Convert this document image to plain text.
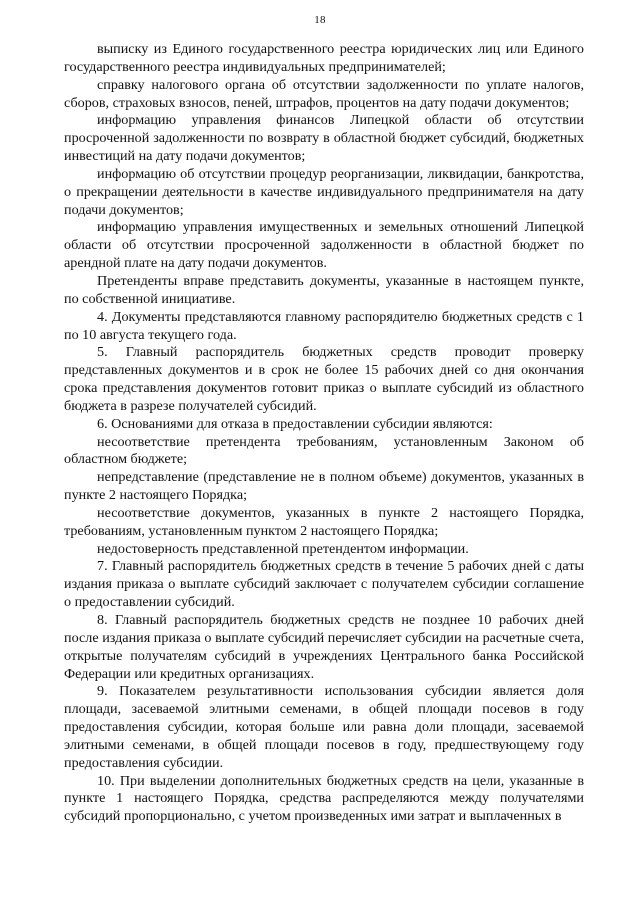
18

выписку из Единого государственного реестра юридических лиц или Единого государственного реестра индивидуальных предпринимателей;

справку налогового органа об отсутствии задолженности по уплате налогов, сборов, страховых взносов, пеней, штрафов, процентов на дату подачи документов;

информацию управления финансов Липецкой области об отсутствии просроченной задолженности по возврату в областной бюджет субсидий, бюджетных инвестиций на дату подачи документов;

информацию об отсутствии процедур реорганизации, ликвидации, банкротства, о прекращении деятельности в качестве индивидуального предпринимателя на дату подачи документов;

информацию управления имущественных и земельных отношений Липецкой области об отсутствии просроченной задолженности в областной бюджет по арендной плате на дату подачи документов.

Претенденты вправе представить документы, указанные в настоящем пункте, по собственной инициативе.

4. Документы представляются главному распорядителю бюджетных средств с 1 по 10 августа текущего года.

5. Главный распорядитель бюджетных средств проводит проверку представленных документов и в срок не более 15 рабочих дней со дня окончания срока представления документов готовит приказ о выплате субсидий из областного бюджета в разрезе получателей субсидий.

6. Основаниями для отказа в предоставлении субсидии являются:

несоответствие претендента требованиям, установленным Законом об областном бюджете;

непредставление (представление не в полном объеме) документов, указанных в пункте 2 настоящего Порядка;

несоответствие документов, указанных в пункте 2 настоящего Порядка, требованиям, установленным пунктом 2 настоящего Порядка;

недостоверность представленной претендентом информации.

7. Главный распорядитель бюджетных средств в течение 5 рабочих дней с даты издания приказа о выплате субсидий заключает с получателем субсидии соглашение о предоставлении субсидий.

8. Главный распорядитель бюджетных средств не позднее 10 рабочих дней после издания приказа о выплате субсидий перечисляет субсидии на расчетные счета, открытые получателям субсидий в учреждениях Центрального банка Российской Федерации или кредитных организациях.

9. Показателем результативности использования субсидии является доля площади, засеваемой элитными семенами, в общей площади посевов в году предоставления субсидии, которая больше или равна доли площади, засеваемой элитными семенами, в общей площади посевов в году, предшествующему году предоставления субсидии.

10. При выделении дополнительных бюджетных средств на цели, указанные в пункте 1 настоящего Порядка, средства распределяются между получателями субсидий пропорционально, с учетом произведенных ими затрат и выплаченных в
